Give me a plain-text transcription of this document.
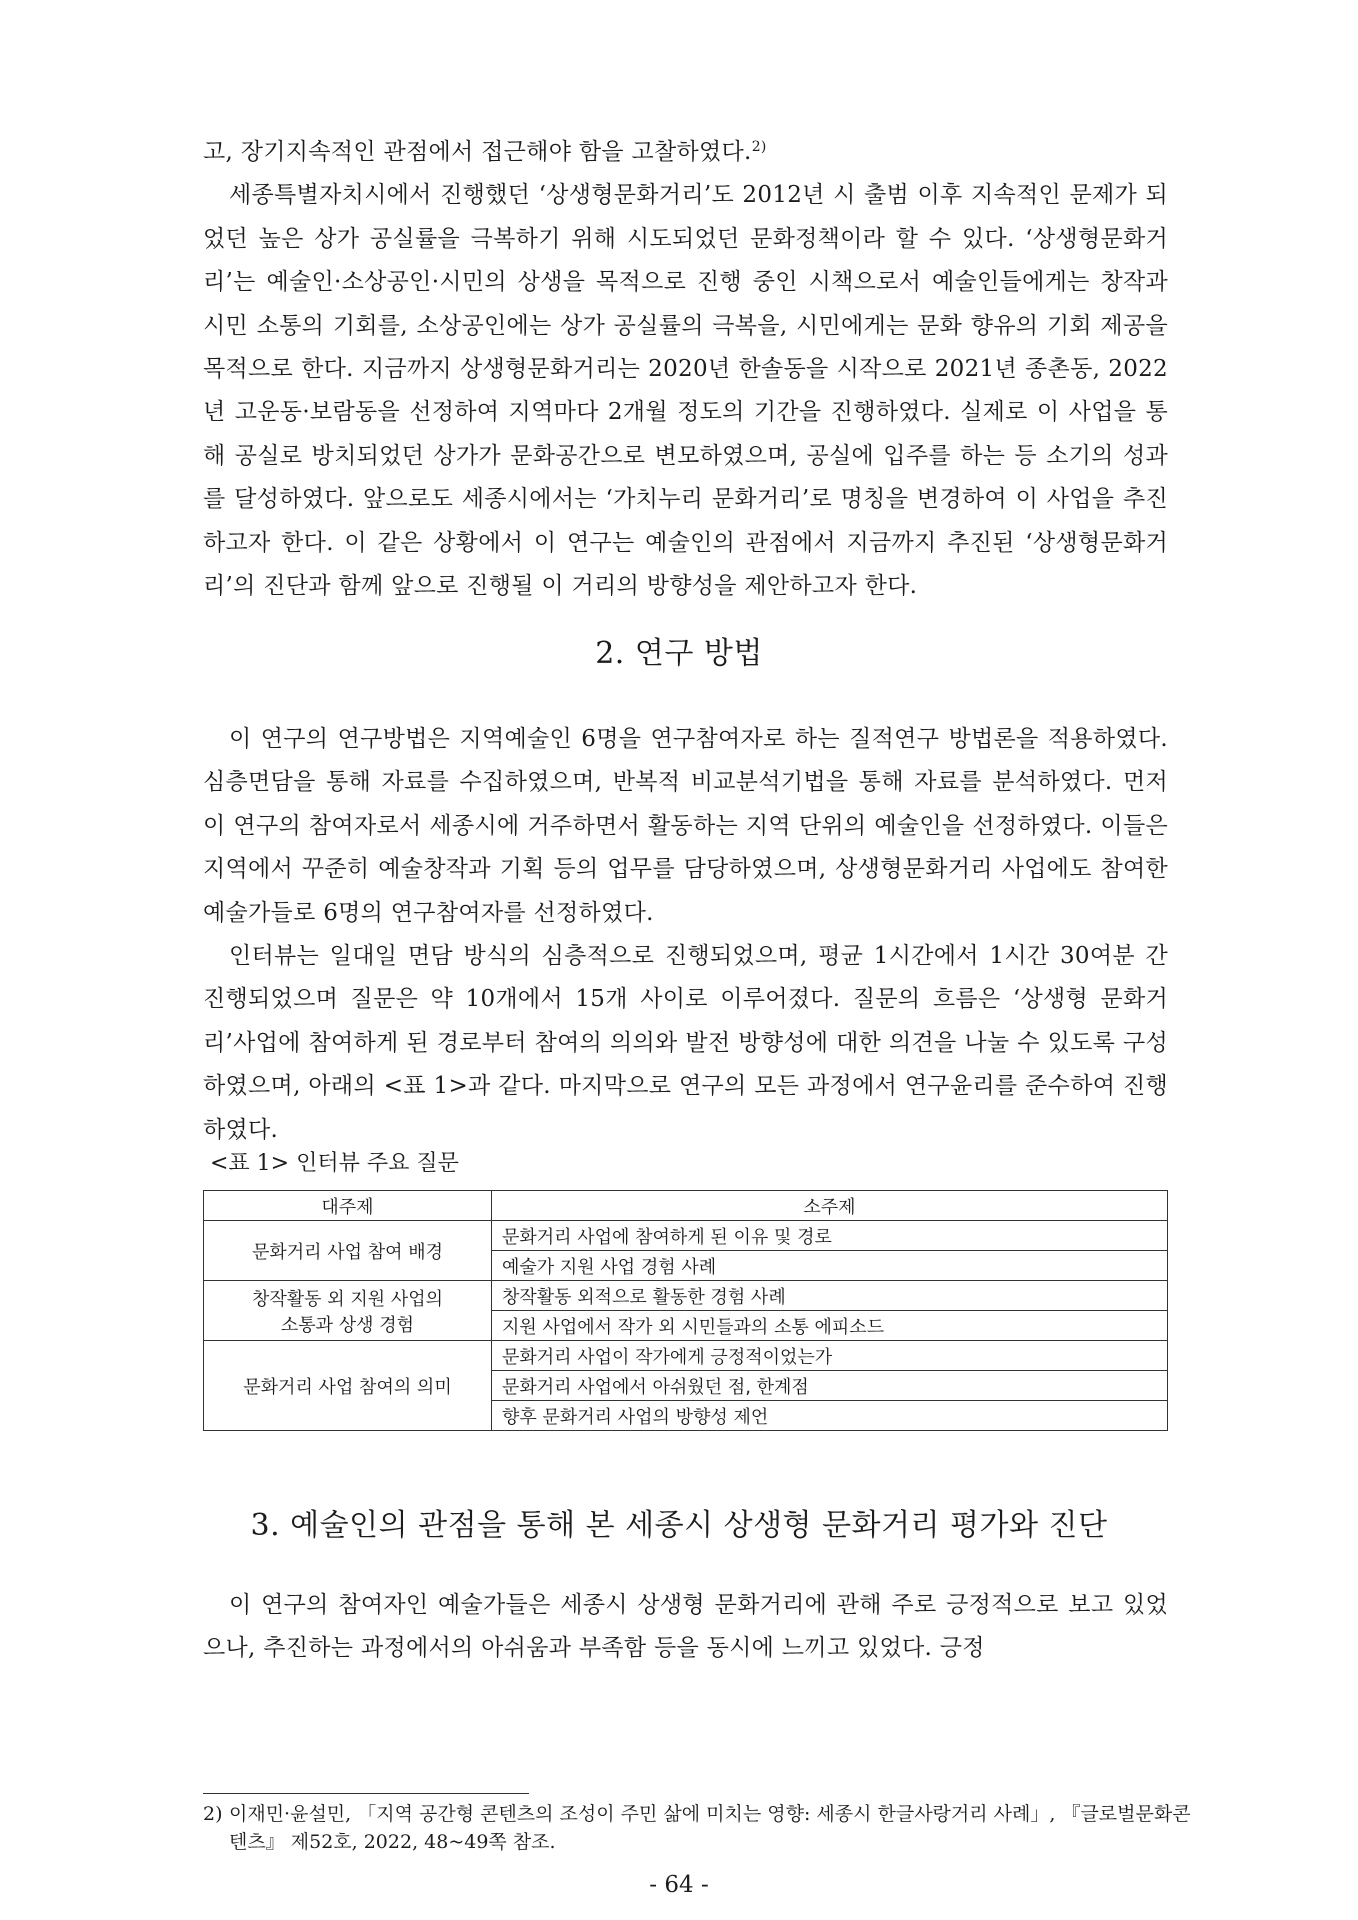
고, 장기지속적인 관점에서 접근해야 함을 고찰하였다.$^{2)}$

세종특별자치시에서 진행했던 ‘상생형문화거리’도 2012년 시 출범 이후 지속적인 문제가 되었던 높은 상가 공실률을 극복하기 위해 시도되었던 문화정책이라 할 수 있다. ‘상생형문화거리’는 예술인·소상공인·시민의 상생을 목적으로 진행 중인 시책으로서 예술인들에게는 창작과 시민 소통의 기회를, 소상공인에는 상가 공실률의 극복을, 시민에게는 문화 향유의 기회 제공을 목적으로 한다. 지금까지 상생형문화거리는 2020년 한솔동을 시작으로 2021년 종촌동, 2022년 고운동·보람동을 선정하여 지역마다 2개월 정도의 기간을 진행하였다. 실제로 이 사업을 통해 공실로 방치되었던 상가가 문화공간으로 변모하였으며, 공실에 입주를 하는 등 소기의 성과를 달성하였다. 앞으로도 세종시에서는 ‘가치누리 문화거리’로 명칭을 변경하여 이 사업을 추진하고자 한다. 이 같은 상황에서 이 연구는 예술인의 관점에서 지금까지 추진된 ‘상생형문화거리’의 진단과 함께 앞으로 진행될 이 거리의 방향성을 제안하고자 한다.

2. 연구 방법

이 연구의 연구방법은 지역예술인 6명을 연구참여자로 하는 질적연구 방법론을 적용하였다. 심층면담을 통해 자료를 수집하였으며, 반복적 비교분석기법을 통해 자료를 분석하였다. 먼저 이 연구의 참여자로서 세종시에 거주하면서 활동하는 지역 단위의 예술인을 선정하였다. 이들은 지역에서 꾸준히 예술창작과 기획 등의 업무를 담당하였으며, 상생형문화거리 사업에도 참여한 예술가들로 6명의 연구참여자를 선정하였다.

인터뷰는 일대일 면담 방식의 심층적으로 진행되었으며, 평균 1시간에서 1시간 30여분 간 진행되었으며 질문은 약 10개에서 15개 사이로 이루어졌다. 질문의 흐름은 ‘상생형 문화거리’사업에 참여하게 된 경로부터 참여의 의의와 발전 방향성에 대한 의견을 나눌 수 있도록 구성하였으며, 아래의 <표 1>과 같다. 마지막으로 연구의 모든 과정에서 연구윤리를 준수하여 진행하였다.

<표 1> 인터뷰 주요 질문
대주제	소주제
문화거리 사업 참여 배경	문화거리 사업에 참여하게 된 이유 및 경로
	예술가 지원 사업 경험 사례
창작활동 외 지원 사업의
소통과 상생 경험	창작활동 외적으로 활동한 경험 사례
	지원 사업에서 작가 외 시민들과의 소통 에피소드
문화거리 사업 참여의 의미	문화거리 사업이 작가에게 긍정적이었는가
	문화거리 사업에서 아쉬웠던 점, 한계점
	향후 문화거리 사업의 방향성 제언
3. 예술인의 관점을 통해 본 세종시 상생형 문화거리 평가와 진단

이 연구의 참여자인 예술가들은 세종시 상생형 문화거리에 관해 주로 긍정적으로 보고 있었으나, 추진하는 과정에서의 아쉬움과 부족함 등을 동시에 느끼고 있었다. 긍정

2) 이재민·윤설민, 「지역 공간형 콘텐츠의 조성이 주민 삶에 미치는 영향: 세종시 한글사랑거리 사례」, 『글로벌문화콘텐츠』 제52호, 2022, 48~49쪽 참조.
- 64 -
